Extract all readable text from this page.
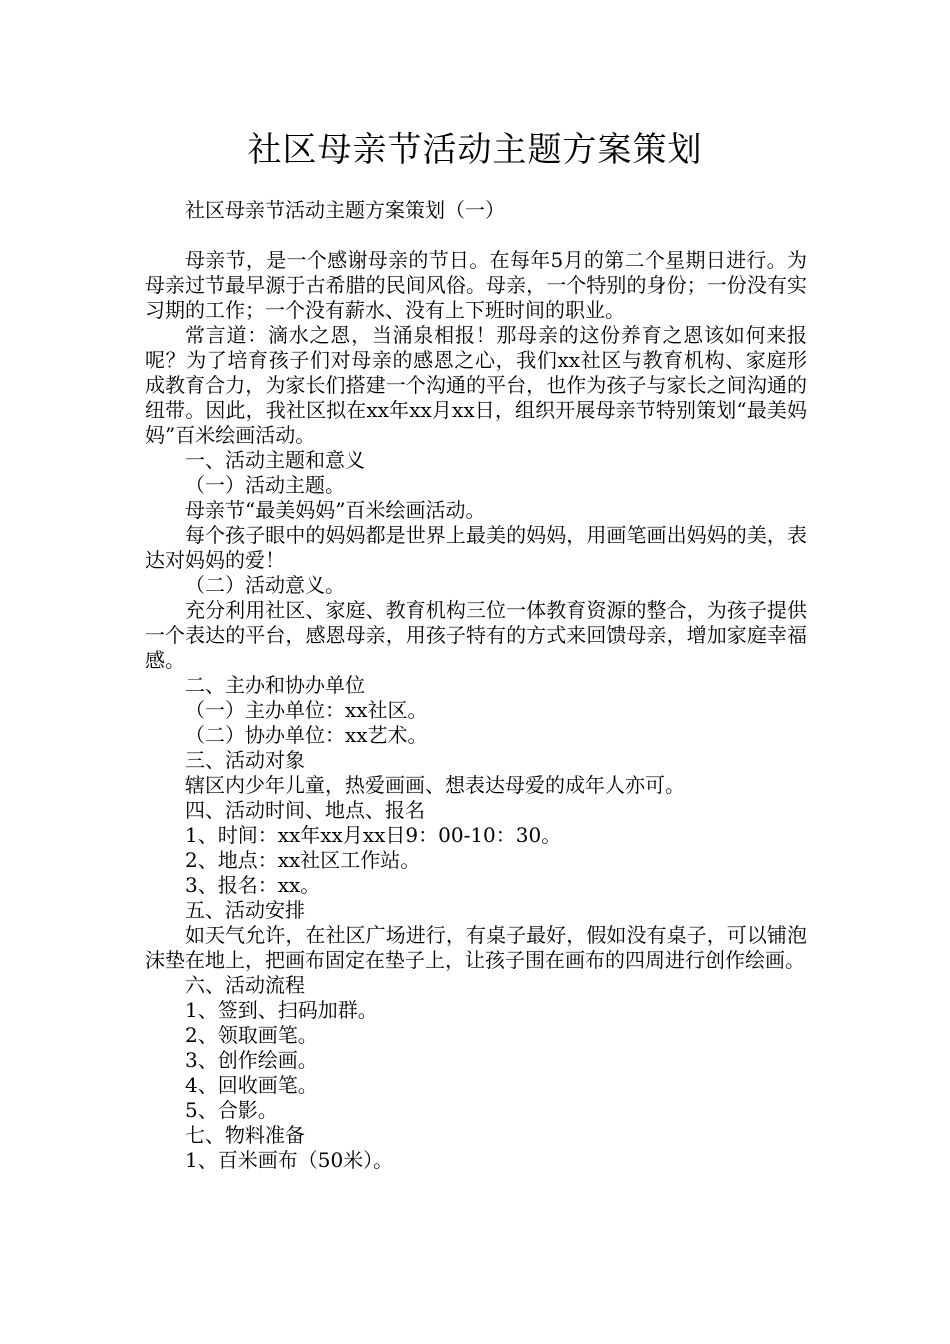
社区母亲节活动主题方案策划

社区母亲节活动主题方案策划（一）

母亲节，是一个感谢母亲的节日。在每年5月的第二个星期日进行。为母亲过节最早源于古希腊的民间风俗。母亲，一个特别的身份；一份没有实习期的工作；一个没有薪水、没有上下班时间的职业。

常言道：滴水之恩，当涌泉相报！那母亲的这份养育之恩该如何来报呢？为了培育孩子们对母亲的感恩之心，我们xx社区与教育机构、家庭形成教育合力，为家长们搭建一个沟通的平台，也作为孩子与家长之间沟通的纽带。因此，我社区拟在xx年xx月xx日，组织开展母亲节特别策划“最美妈妈”百米绘画活动。

一、活动主题和意义

（一）活动主题。

母亲节“最美妈妈”百米绘画活动。

每个孩子眼中的妈妈都是世界上最美的妈妈，用画笔画出妈妈的美，表达对妈妈的爱！

（二）活动意义。

充分利用社区、家庭、教育机构三位一体教育资源的整合，为孩子提供一个表达的平台，感恩母亲，用孩子特有的方式来回馈母亲，增加家庭幸福感。

二、主办和协办单位

（一）主办单位：xx社区。

（二）协办单位：xx艺术。

三、活动对象

辖区内少年儿童，热爱画画、想表达母爱的成年人亦可。

四、活动时间、地点、报名

1、时间：xx年xx月xx日9：00-10：30。

2、地点：xx社区工作站。

3、报名：xx。

五、活动安排

如天气允许，在社区广场进行，有桌子最好，假如没有桌子，可以铺泡沫垫在地上，把画布固定在垫子上，让孩子围在画布的四周进行创作绘画。

六、活动流程

1、签到、扫码加群。

2、领取画笔。

3、创作绘画。

4、回收画笔。

5、合影。

七、物料准备

1、百米画布（50米）。
